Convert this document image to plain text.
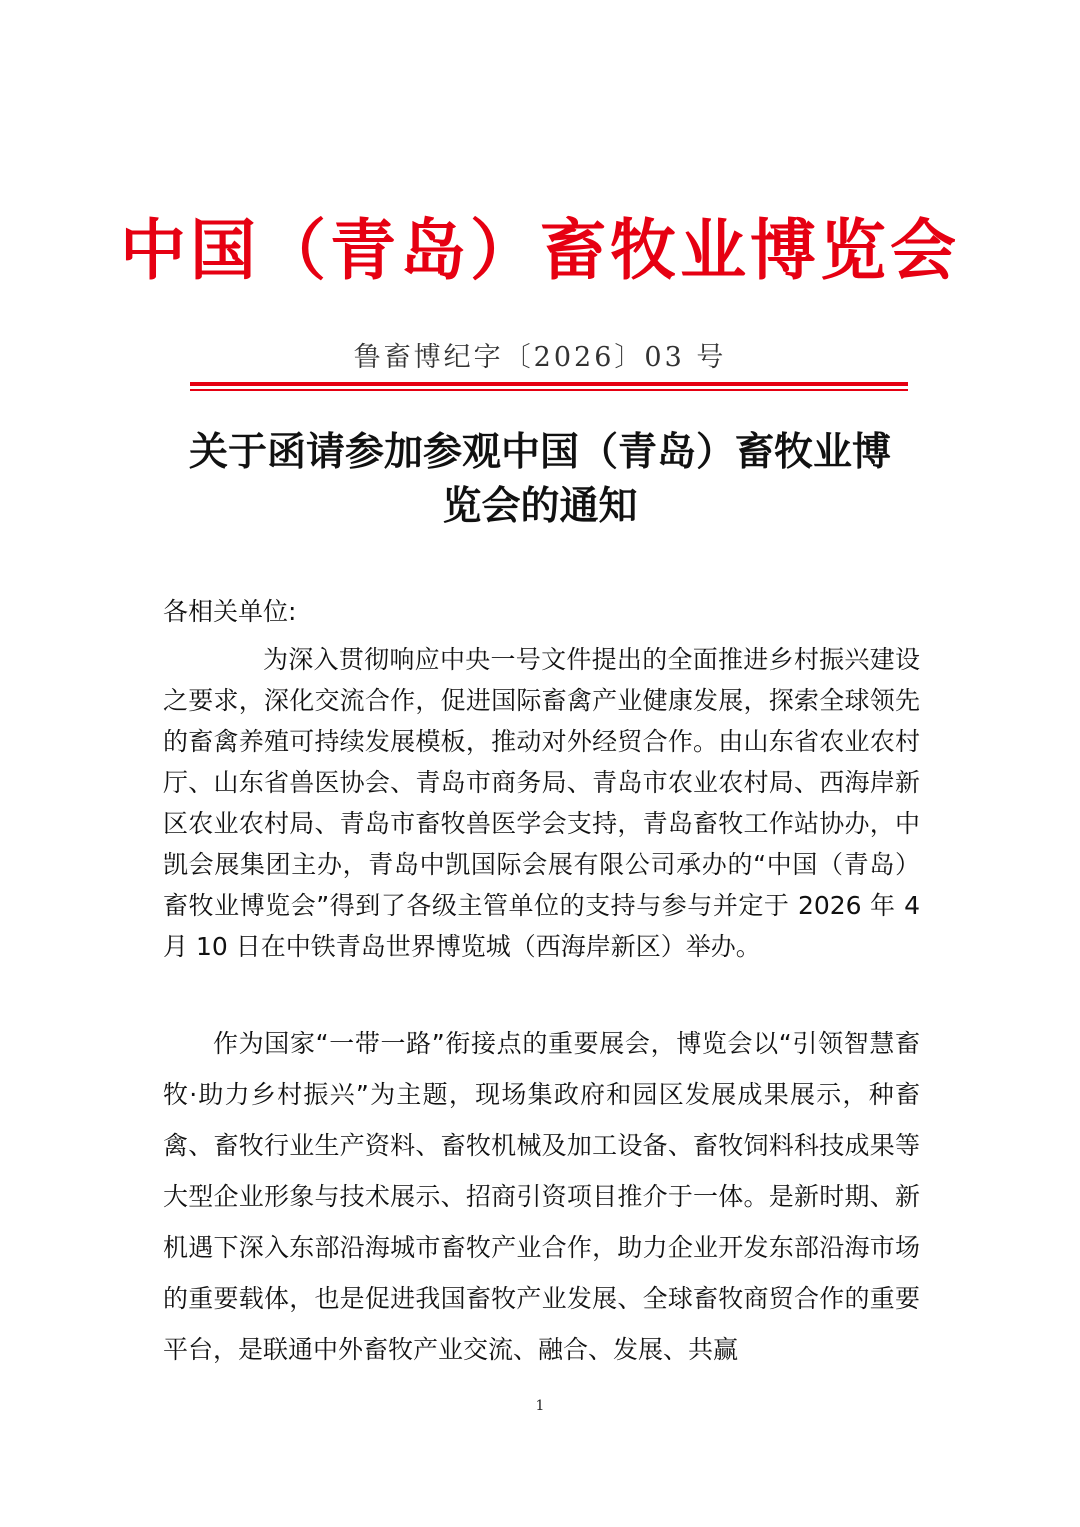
中国（青岛）畜牧业博览会
鲁畜博纪字〔2026〕03 号
关于函请参加参观中国（青岛）畜牧业博
览会的通知
各相关单位:

为深入贯彻响应中央一号文件提出的全面推进乡村振兴建设之要求，深化交流合作，促进国际畜禽产业健康发展，探索全球领先的畜禽养殖可持续发展模板，推动对外经贸合作。由山东省农业农村厅、山东省兽医协会、青岛市商务局、青岛市农业农村局、西海岸新区农业农村局、青岛市畜牧兽医学会支持，青岛畜牧工作站协办，中凯会展集团主办，青岛中凯国际会展有限公司承办的“中国（青岛）畜牧业博览会”得到了各级主管单位的支持与参与并定于 2026 年 4 月 10 日在中铁青岛世界博览城（西海岸新区）举办。

作为国家“一带一路”衔接点的重要展会，博览会以“引领智慧畜牧·助力乡村振兴”为主题，现场集政府和园区发展成果展示，种畜禽、畜牧行业生产资料、畜牧机械及加工设备、畜牧饲料科技成果等大型企业形象与技术展示、招商引资项目推介于一体。是新时期、新机遇下深入东部沿海城市畜牧产业合作，助力企业开发东部沿海市场的重要载体，也是促进我国畜牧产业发展、全球畜牧商贸合作的重要平台，是联通中外畜牧产业交流、融合、发展、共赢

1
